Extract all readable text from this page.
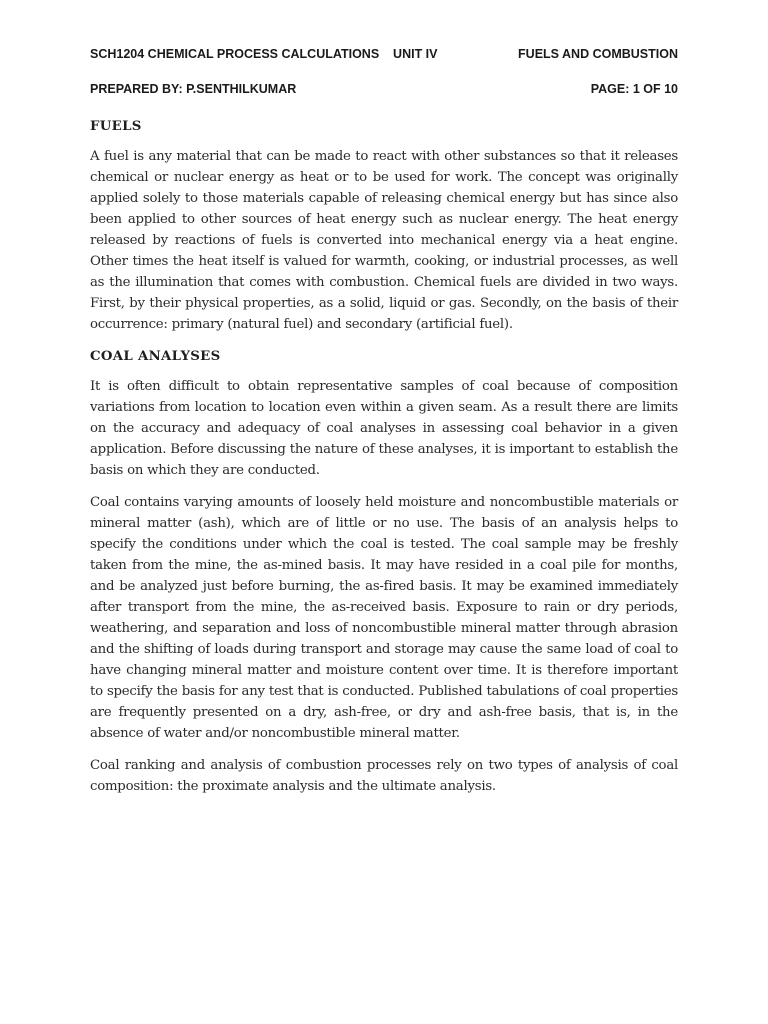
SCH1204 CHEMICAL PROCESS CALCULATIONS    UNIT IV	FUELS AND COMBUSTION
PREPARED BY: P.SENTHILKUMAR	PAGE: 1 OF 10
FUELS

A fuel is any material that can be made to react with other substances so that it releases chemical or nuclear energy as heat or to be used for work. The concept was originally applied solely to those materials capable of releasing chemical energy but has since also been applied to other sources of heat energy such as nuclear energy. The heat energy released by reactions of fuels is converted into mechanical energy via a heat engine. Other times the heat itself is valued for warmth, cooking, or industrial processes, as well as the illumination that comes with combustion. Chemical fuels are divided in two ways. First, by their physical properties, as a solid, liquid or gas. Secondly, on the basis of their occurrence: primary (natural fuel) and secondary (artificial fuel).

COAL ANALYSES

It is often difficult to obtain representative samples of coal because of composition variations from location to location even within a given seam. As a result there are limits on the accuracy and adequacy of coal analyses in assessing coal behavior in a given application. Before discussing the nature of these analyses, it is important to establish the basis on which they are conducted.

Coal contains varying amounts of loosely held moisture and noncombustible materials or mineral matter (ash), which are of little or no use. The basis of an analysis helps to specify the conditions under which the coal is tested. The coal sample may be freshly taken from the mine, the as-mined basis. It may have resided in a coal pile for months, and be analyzed just before burning, the as-fired basis. It may be examined immediately after transport from the mine, the as-received basis. Exposure to rain or dry periods, weathering, and separation and loss of noncombustible mineral matter through abrasion and the shifting of loads during transport and storage may cause the same load of coal to have changing mineral matter and moisture content over time. It is therefore important to specify the basis for any test that is conducted. Published tabulations of coal properties are frequently presented on a dry, ash-free, or dry and ash-free basis, that is, in the absence of water and/or noncombustible mineral matter.

Coal ranking and analysis of combustion processes rely on two types of analysis of coal composition: the proximate analysis and the ultimate analysis.
